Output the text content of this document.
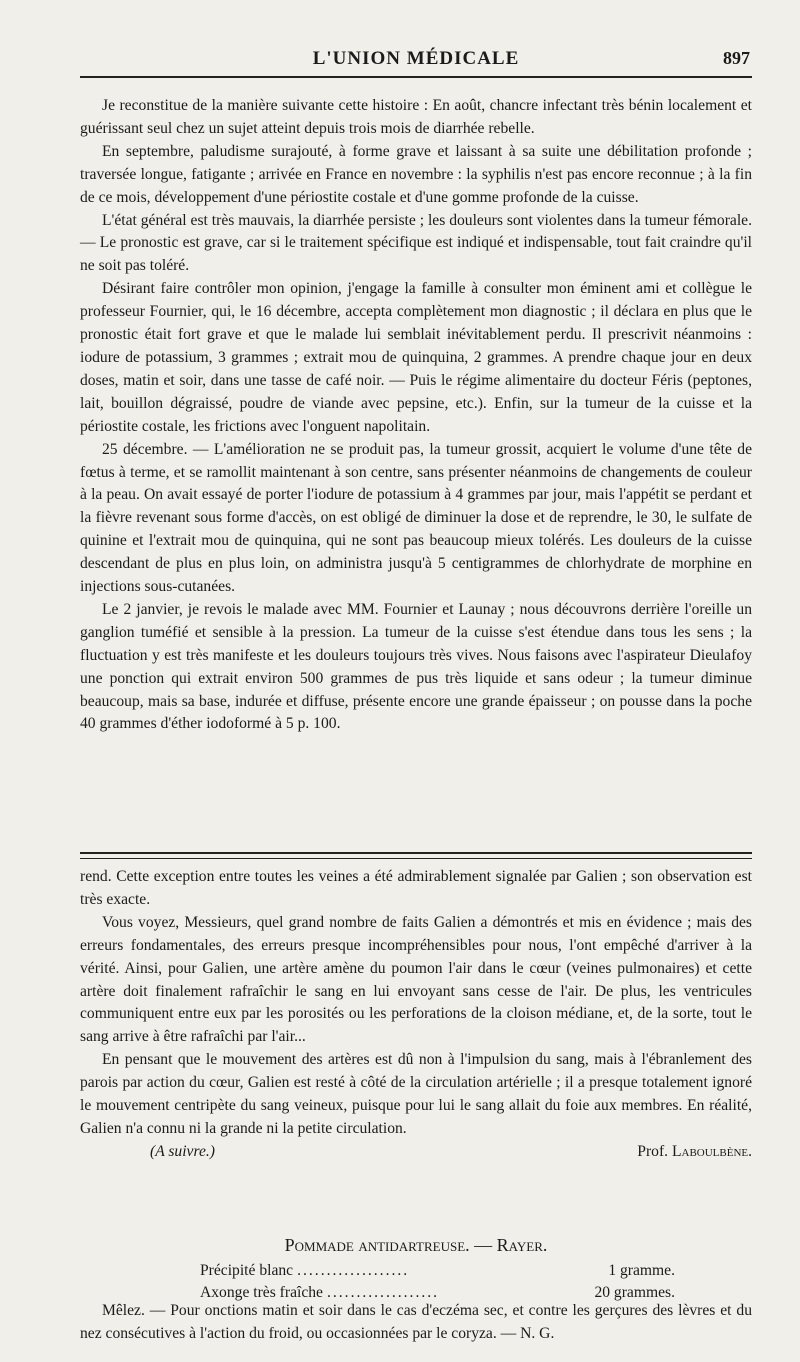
L'UNION MÉDICALE	897

Je reconstitue de la manière suivante cette histoire : En août, chancre infectant très bénin localement et guérissant seul chez un sujet atteint depuis trois mois de diarrhée rebelle.

En septembre, paludisme surajouté, à forme grave et laissant à sa suite une débilitation profonde ; traversée longue, fatigante ; arrivée en France en novembre : la syphilis n'est pas encore reconnue ; à la fin de ce mois, développement d'une périostite costale et d'une gomme profonde de la cuisse.

L'état général est très mauvais, la diarrhée persiste ; les douleurs sont violentes dans la tumeur fémorale. — Le pronostic est grave, car si le traitement spécifique est indiqué et indispensable, tout fait craindre qu'il ne soit pas toléré.

Désirant faire contrôler mon opinion, j'engage la famille à consulter mon éminent ami et collègue le professeur Fournier, qui, le 16 décembre, accepta complètement mon diagnostic ; il déclara en plus que le pronostic était fort grave et que le malade lui semblait inévitablement perdu. Il prescrivit néanmoins : iodure de potassium, 3 grammes ; extrait mou de quinquina, 2 grammes. A prendre chaque jour en deux doses, matin et soir, dans une tasse de café noir. — Puis le régime alimentaire du docteur Féris (peptones, lait, bouillon dégraissé, poudre de viande avec pepsine, etc.). Enfin, sur la tumeur de la cuisse et la périostite costale, les frictions avec l'onguent napolitain.

25 décembre. — L'amélioration ne se produit pas, la tumeur grossit, acquiert le volume d'une tête de fœtus à terme, et se ramollit maintenant à son centre, sans présenter néanmoins de changements de couleur à la peau. On avait essayé de porter l'iodure de potassium à 4 grammes par jour, mais l'appétit se perdant et la fièvre revenant sous forme d'accès, on est obligé de diminuer la dose et de reprendre, le 30, le sulfate de quinine et l'extrait mou de quinquina, qui ne sont pas beaucoup mieux tolérés. Les douleurs de la cuisse descendant de plus en plus loin, on administra jusqu'à 5 centigrammes de chlorhydrate de morphine en injections sous-cutanées.

Le 2 janvier, je revois le malade avec MM. Fournier et Launay ; nous découvrons derrière l'oreille un ganglion tuméfié et sensible à la pression. La tumeur de la cuisse s'est étendue dans tous les sens ; la fluctuation y est très manifeste et les douleurs toujours très vives. Nous faisons avec l'aspirateur Dieulafoy une ponction qui extrait environ 500 grammes de pus très liquide et sans odeur ; la tumeur diminue beaucoup, mais sa base, indurée et diffuse, présente encore une grande épaisseur ; on pousse dans la poche 40 grammes d'éther iodoformé à 5 p. 100.

rend. Cette exception entre toutes les veines a été admirablement signalée par Galien ; son observation est très exacte.

Vous voyez, Messieurs, quel grand nombre de faits Galien a démontrés et mis en évidence ; mais des erreurs fondamentales, des erreurs presque incompréhensibles pour nous, l'ont empêché d'arriver à la vérité. Ainsi, pour Galien, une artère amène du poumon l'air dans le cœur (veines pulmonaires) et cette artère doit finalement rafraîchir le sang en lui envoyant sans cesse de l'air. De plus, les ventricules communiquent entre eux par les porosités ou les perforations de la cloison médiane, et, de la sorte, tout le sang arrive à être rafraîchi par l'air...

En pensant que le mouvement des artères est dû non à l'impulsion du sang, mais à l'ébranlement des parois par action du cœur, Galien est resté à côté de la circulation artérielle ; il a presque totalement ignoré le mouvement centripète du sang veineux, puisque pour lui le sang allait du foie aux membres. En réalité, Galien n'a connu ni la grande ni la petite circulation.

(A suivre.)	Prof. Laboulbène.
Pommade antidartreuse. — Rayer.
Précipité blanc ...................	1 gramme.
Axonge très fraîche ...................	20 grammes.
Mêlez. — Pour onctions matin et soir dans le cas d'eczéma sec, et contre les gerçures des lèvres et du nez consécutives à l'action du froid, ou occasionnées par le coryza. — N. G.
